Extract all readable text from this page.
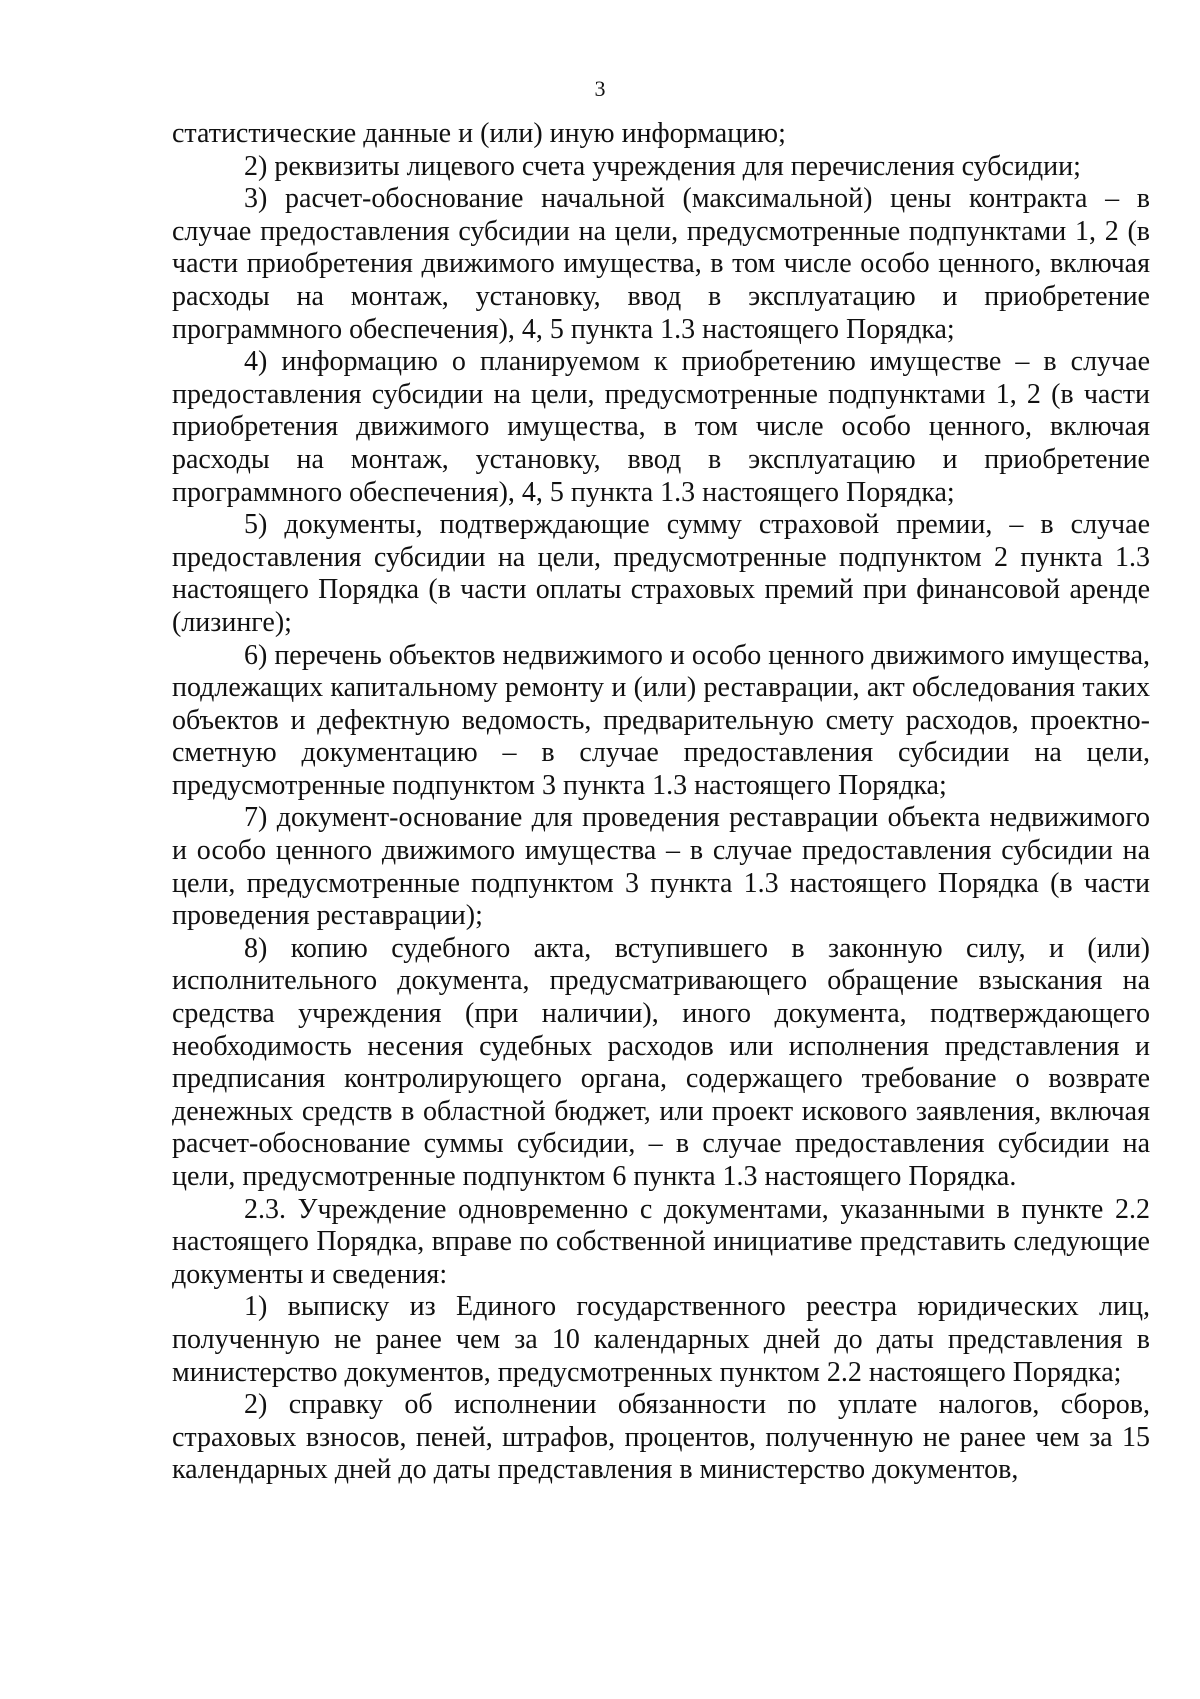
3

статистические данные и (или) иную информацию;

2) реквизиты лицевого счета учреждения для перечисления субсидии;

3) расчет-обоснование начальной (максимальной) цены контракта – в случае предоставления субсидии на цели, предусмотренные подпунктами 1, 2 (в части приобретения движимого имущества, в том числе особо ценного, включая расходы на монтаж, установку, ввод в эксплуатацию и приобретение программного обеспечения), 4, 5 пункта 1.3 настоящего Порядка;

4) информацию о планируемом к приобретению имуществе – в случае предоставления субсидии на цели, предусмотренные подпунктами 1, 2 (в части приобретения движимого имущества, в том числе особо ценного, включая расходы на монтаж, установку, ввод в эксплуатацию и приобретение программного обеспечения), 4, 5 пункта 1.3 настоящего Порядка;

5) документы, подтверждающие сумму страховой премии, – в случае предоставления субсидии на цели, предусмотренные подпунктом 2 пункта 1.3 настоящего Порядка (в части оплаты страховых премий при финансовой аренде (лизинге);

6) перечень объектов недвижимого и особо ценного движимого имущества, подлежащих капитальному ремонту и (или) реставрации, акт обследования таких объектов и дефектную ведомость, предварительную смету расходов, проектно-сметную документацию – в случае предоставления субсидии на цели, предусмотренные подпунктом 3 пункта 1.3 настоящего Порядка;

7) документ-основание для проведения реставрации объекта недвижимого и особо ценного движимого имущества – в случае предоставления субсидии на цели, предусмотренные подпунктом 3 пункта 1.3 настоящего Порядка (в части проведения реставрации);

8) копию судебного акта, вступившего в законную силу, и (или) исполнительного документа, предусматривающего обращение взыскания на средства учреждения (при наличии), иного документа, подтверждающего необходимость несения судебных расходов или исполнения представления и предписания контролирующего органа, содержащего требование о возврате денежных средств в областной бюджет, или проект искового заявления, включая расчет-обоснование суммы субсидии, – в случае предоставления субсидии на цели, предусмотренные подпунктом 6 пункта 1.3 настоящего Порядка.

2.3. Учреждение одновременно с документами, указанными в пункте 2.2 настоящего Порядка, вправе по собственной инициативе представить следующие документы и сведения:

1) выписку из Единого государственного реестра юридических лиц, полученную не ранее чем за 10 календарных дней до даты представления в министерство документов, предусмотренных пунктом 2.2 настоящего Порядка;

2) справку об исполнении обязанности по уплате налогов, сборов, страховых взносов, пеней, штрафов, процентов, полученную не ранее чем за 15 календарных дней до даты представления в министерство документов,
